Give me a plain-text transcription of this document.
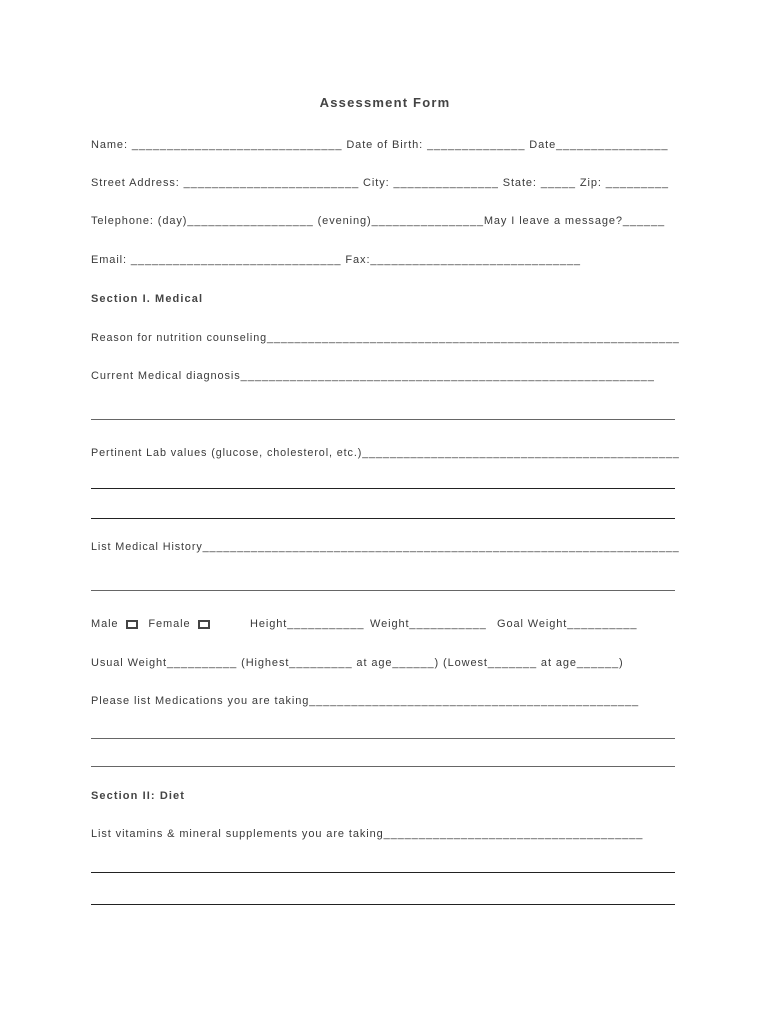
Assessment Form
Name: ______________________________ Date of Birth: ______________ Date________________
Street Address: _________________________ City: _______________ State: _____ Zip: _________
Telephone: (day)__________________ (evening)________________May I leave a message?______
Email: ______________________________ Fax:______________________________
Section I. Medical
Reason for nutrition counseling____________________________________________________________
Current Medical diagnosis___________________________________________________________
Pertinent Lab values (glucose, cholesterol, etc.)______________________________________________
List Medical History_____________________________________________________________________
Male	Female	Height___________ Weight___________ Goal Weight__________
Usual Weight__________ (Highest_________ at age______) (Lowest_______ at age______)
Please list Medications you are taking_______________________________________________
Section II: Diet
List vitamins & mineral supplements you are taking_____________________________________
